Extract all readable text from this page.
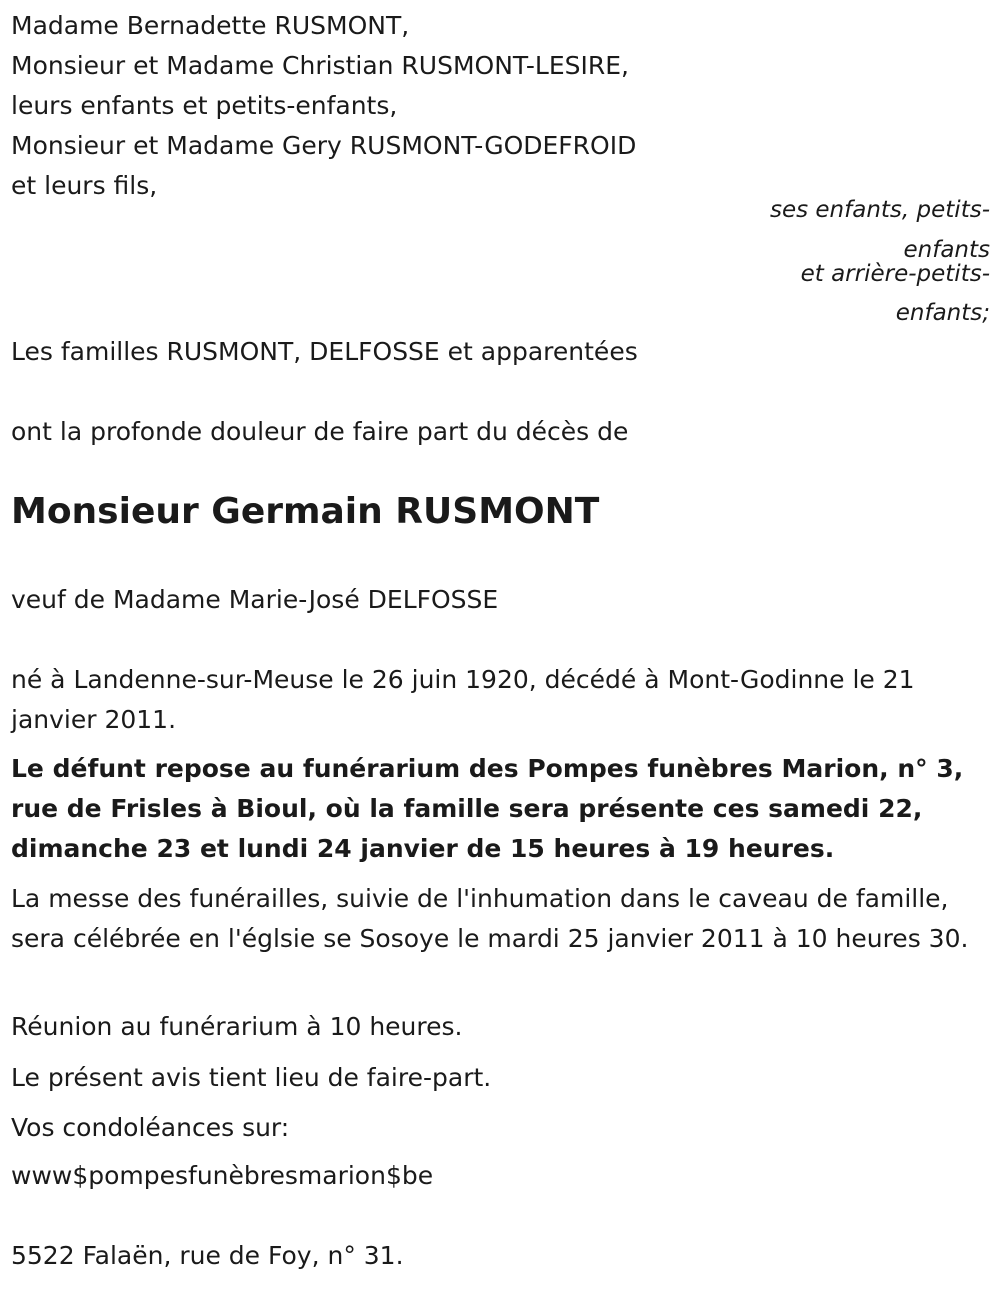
Madame Bernadette RUSMONT,
Monsieur et Madame Christian RUSMONT-LESIRE,
leurs enfants et petits-enfants,
Monsieur et Madame Gery RUSMONT-GODEFROID
et leurs fils,
ses enfants, petits-
enfants
et arrière-petits-
enfants;
Les familles RUSMONT, DELFOSSE et apparentées
ont la profonde douleur de faire part du décès de
Monsieur Germain RUSMONT
veuf de Madame Marie-José DELFOSSE
né à Landenne-sur-Meuse le 26 juin 1920, décédé à Mont-Godinne le 21 janvier 2011.
Le défunt repose au funérarium des Pompes funèbres Marion, n° 3, rue de Frisles à Bioul, où la famille sera présente ces samedi 22, dimanche 23 et lundi 24 janvier de 15 heures à 19 heures.
La messe des funérailles, suivie de l'inhumation dans le caveau de famille, sera célébrée en l'églsie se Sosoye le mardi 25 janvier 2011 à 10 heures 30.
Réunion au funérarium à 10 heures.
Le présent avis tient lieu de faire-part.
Vos condoléances sur:
www$pompesfunèbresmarion$be
5522 Falaën, rue de Foy, n° 31.
